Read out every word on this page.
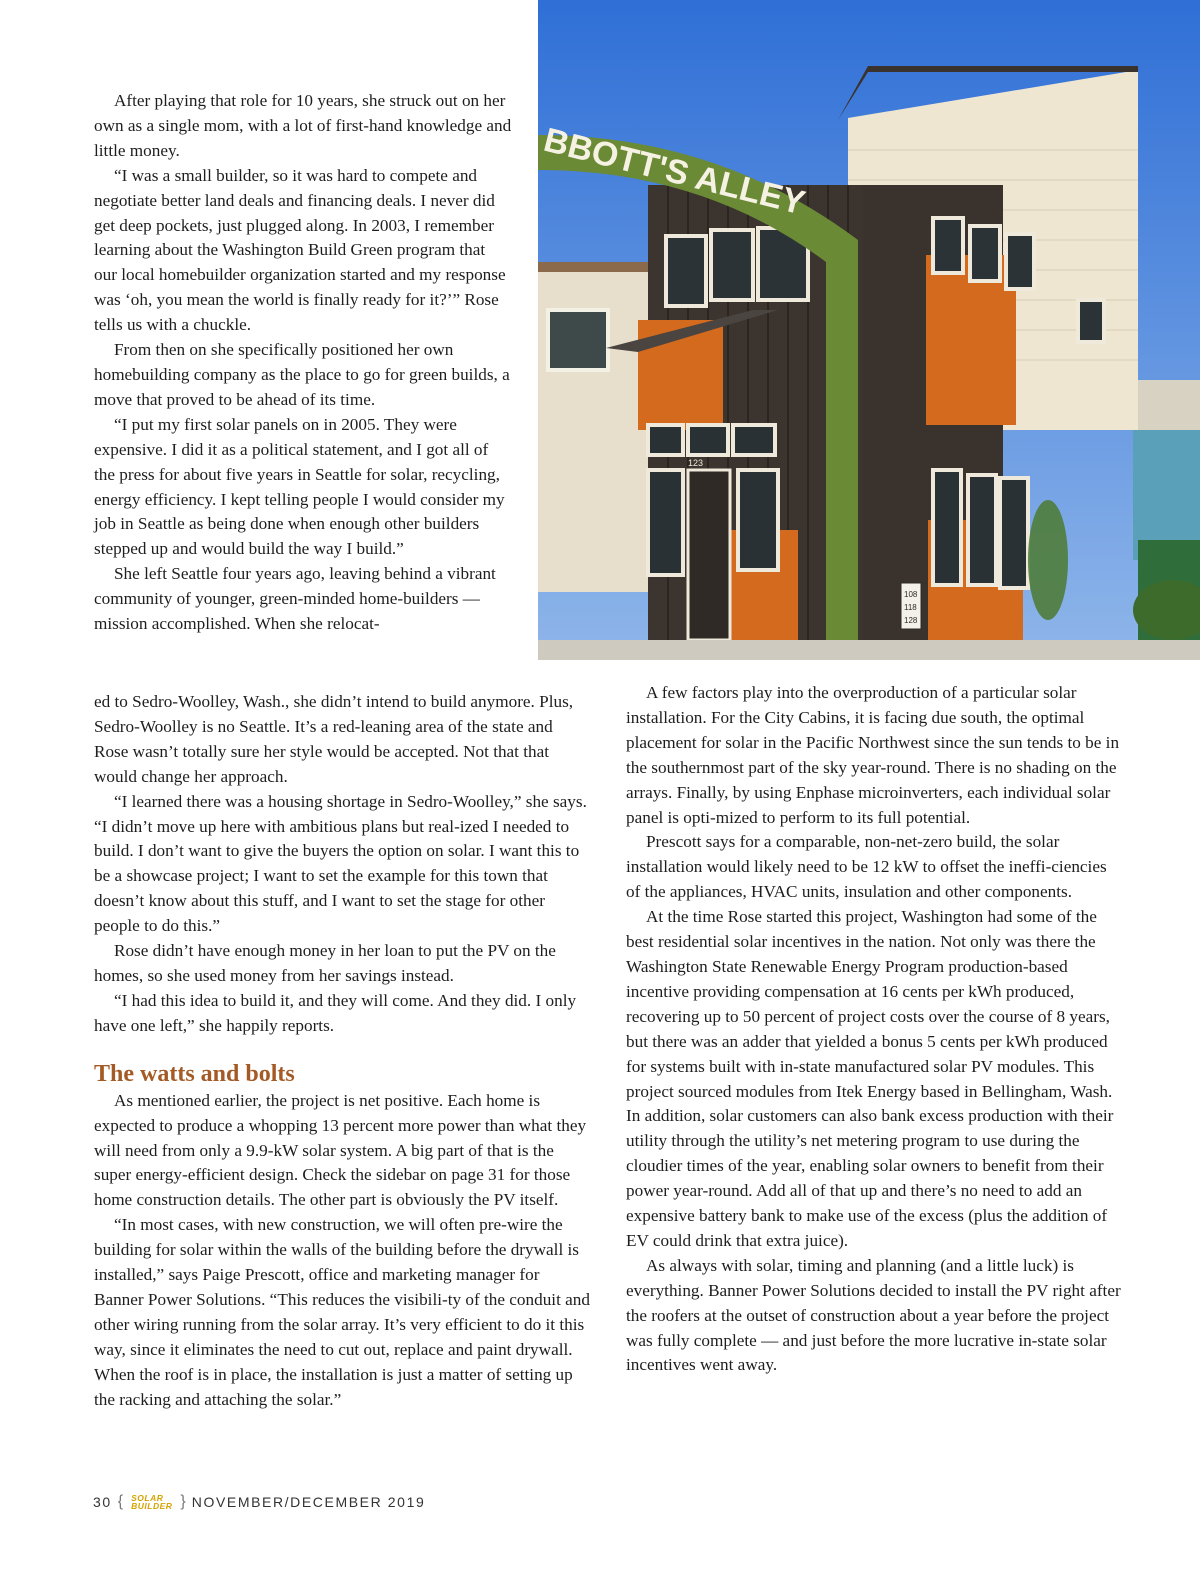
123
BBOTT'S ALLEY
108
118
128

After playing that role for 10 years, she struck out on her own as a single mom, with a lot of first-hand knowledge and little money.

“I was a small builder, so it was hard to compete and negotiate better land deals and financing deals. I never did get deep pockets, just plugged along. In 2003, I remember learning about the Washington Build Green program that our local homebuilder organization started and my response was ‘oh, you mean the world is finally ready for it?’” Rose tells us with a chuckle.

From then on she specifically positioned her own homebuilding company as the place to go for green builds, a move that proved to be ahead of its time.

“I put my first solar panels on in 2005. They were expensive. I did it as a political statement, and I got all of the press for about five years in Seattle for solar, recycling, energy efficiency. I kept telling people I would consider my job in Seattle as being done when enough other builders stepped up and would build the way I build.”

She left Seattle four years ago, leaving behind a vibrant community of younger, green-minded home-builders — mission accomplished. When she relocat-

ed to Sedro-Woolley, Wash., she didn’t intend to build anymore. Plus, Sedro-Woolley is no Seattle. It’s a red-leaning area of the state and Rose wasn’t totally sure her style would be accepted. Not that that would change her approach.

“I learned there was a housing shortage in Sedro-Woolley,” she says. “I didn’t move up here with ambitious plans but real-ized I needed to build. I don’t want to give the buyers the option on solar. I want this to be a showcase project; I want to set the example for this town that doesn’t know about this stuff, and I want to set the stage for other people to do this.”

Rose didn’t have enough money in her loan to put the PV on the homes, so she used money from her savings instead.

“I had this idea to build it, and they will come. And they did. I only have one left,” she happily reports.

The watts and bolts

As mentioned earlier, the project is net positive. Each home is expected to produce a whopping 13 percent more power than what they will need from only a 9.9-kW solar system. A big part of that is the super energy-efficient design. Check the sidebar on page 31 for those home construction details. The other part is obviously the PV itself.

“In most cases, with new construction, we will often pre-wire the building for solar within the walls of the building before the drywall is installed,” says Paige Prescott, office and marketing manager for Banner Power Solutions. “This reduces the visibili-ty of the conduit and other wiring running from the solar array. It’s very efficient to do it this way, since it eliminates the need to cut out, replace and paint drywall. When the roof is in place, the installation is just a matter of setting up the racking and attaching the solar.”

A few factors play into the overproduction of a particular solar installation. For the City Cabins, it is facing due south, the optimal placement for solar in the Pacific Northwest since the sun tends to be in the southernmost part of the sky year-round. There is no shading on the arrays. Finally, by using Enphase microinverters, each individual solar panel is opti-mized to perform to its full potential.

Prescott says for a comparable, non-net-zero build, the solar installation would likely need to be 12 kW to offset the ineffi-ciencies of the appliances, HVAC units, insulation and other components.

At the time Rose started this project, Washington had some of the best residential solar incentives in the nation. Not only was there the Washington State Renewable Energy Program production-based incentive providing compensation at 16 cents per kWh produced, recovering up to 50 percent of project costs over the course of 8 years, but there was an adder that yielded a bonus 5 cents per kWh produced for systems built with in-state manufactured solar PV modules. This project sourced modules from Itek Energy based in Bellingham, Wash. In addition, solar customers can also bank excess production with their utility through the utility’s net metering program to use during the cloudier times of the year, enabling solar owners to benefit from their power year-round. Add all of that up and there’s no need to add an expensive battery bank to make use of the excess (plus the addition of EV could drink that extra juice).

As always with solar, timing and planning (and a little luck) is everything. Banner Power Solutions decided to install the PV right after the roofers at the outset of construction about a year before the project was fully complete — and just before the more lucrative in-state solar incentives went away.

30 { SOLAR
BUILDER } NOVEMBER/DECEMBER 2019
